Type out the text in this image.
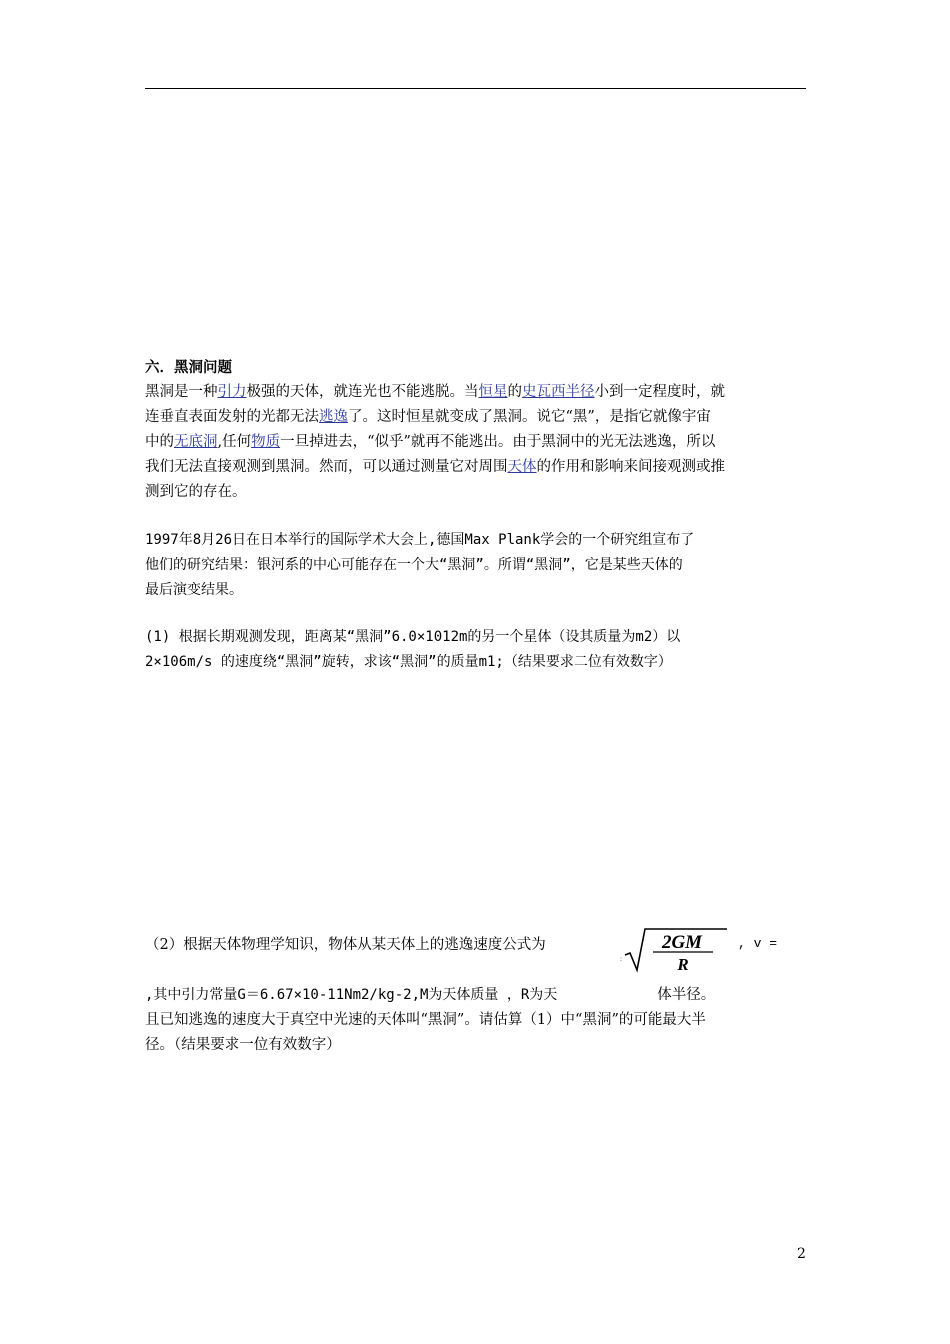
六．黑洞问题
黑洞是一种引力极强的天体，就连光也不能逃脱。当恒星的史瓦西半径小到一定程度时，就
连垂直表面发射的光都无法逃逸了。这时恒星就变成了黑洞。说它“黑”，是指它就像宇宙
中的无底洞,任何物质一旦掉进去，“似乎”就再不能逃出。由于黑洞中的光无法逃逸，所以
我们无法直接观测到黑洞。然而，可以通过测量它对周围天体的作用和影响来间接观测或推
测到它的存在。
1997年8月26日在日本举行的国际学术大会上,德国Max Plank学会的一个研究组宣布了
他们的研究结果：银河系的中心可能存在一个大“黑洞”。所谓“黑洞”，它是某些天体的
最后演变结果。
(1) 根据长期观测发现，距离某“黑洞”6.0×1012m的另一个星体（设其质量为m2）以
2×106m/s 的速度绕“黑洞”旋转，求该“黑洞”的质量m1;（结果要求二位有效数字）
（2）根据天体物理学知识，物体从某天体上的逃逸速度公式为
:
2GM
R
, v =
,其中引力常量G＝6.67×10-11Nm2/kg-2,M为天体质量 ，R为天	体半径。
且已知逃逸的速度大于真空中光速的天体叫“黑洞”。请估算（1）中“黑洞”的可能最大半
径。（结果要求一位有效数字）
2
